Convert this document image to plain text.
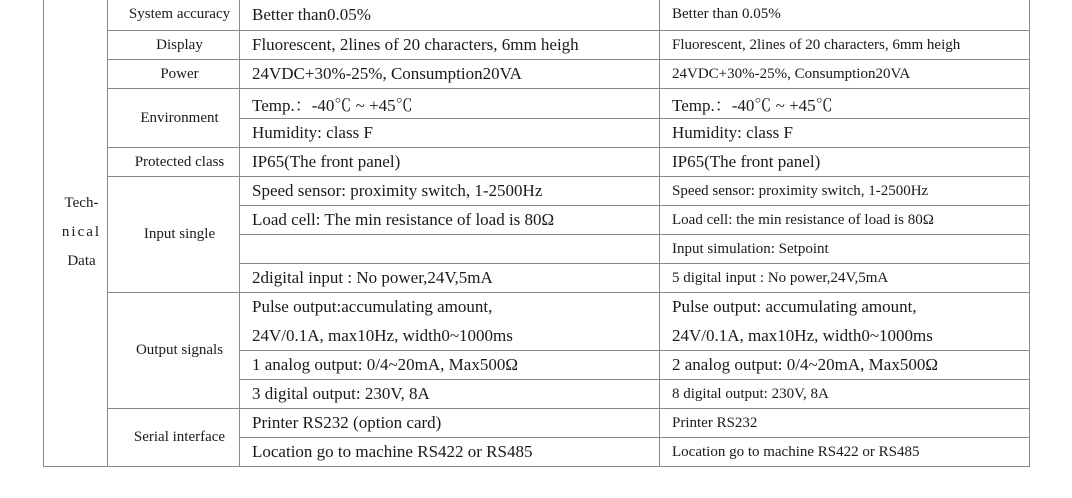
Tech-
nical
Data	System accuracy	Better than0.05%	Better than 0.05%
	Display	Fluorescent, 2lines of 20 characters, 6mm heigh	Fluorescent, 2lines of 20 characters, 6mm heigh
	Power	24VDC+30%-25%, Consumption20VA	24VDC+30%-25%, Consumption20VA
	Environment	Temp.：-40℃ ~ +45℃	Temp.：-40℃ ~ +45℃
		Humidity: class F	Humidity: class F
	Protected class	IP65(The front panel)	IP65(The front panel)
	Input single	Speed sensor: proximity switch, 1-2500Hz	Speed sensor: proximity switch, 1-2500Hz
		Load cell: The min resistance of load is 80Ω	Load cell: the min resistance of load is 80Ω
			Input simulation: Setpoint
		2digital input : No power,24V,5mA	5 digital input : No power,24V,5mA
	Output signals	Pulse output:accumulating amount,	Pulse output: accumulating amount,
		24V/0.1A, max10Hz, width0~1000ms	24V/0.1A, max10Hz, width0~1000ms
		1 analog output: 0/4~20mA, Max500Ω	2 analog output: 0/4~20mA, Max500Ω
		3 digital output: 230V, 8A	8 digital output: 230V, 8A
	Serial interface	Printer RS232 (option card)	Printer RS232
		Location go to machine RS422 or RS485	Location go to machine RS422 or RS485
